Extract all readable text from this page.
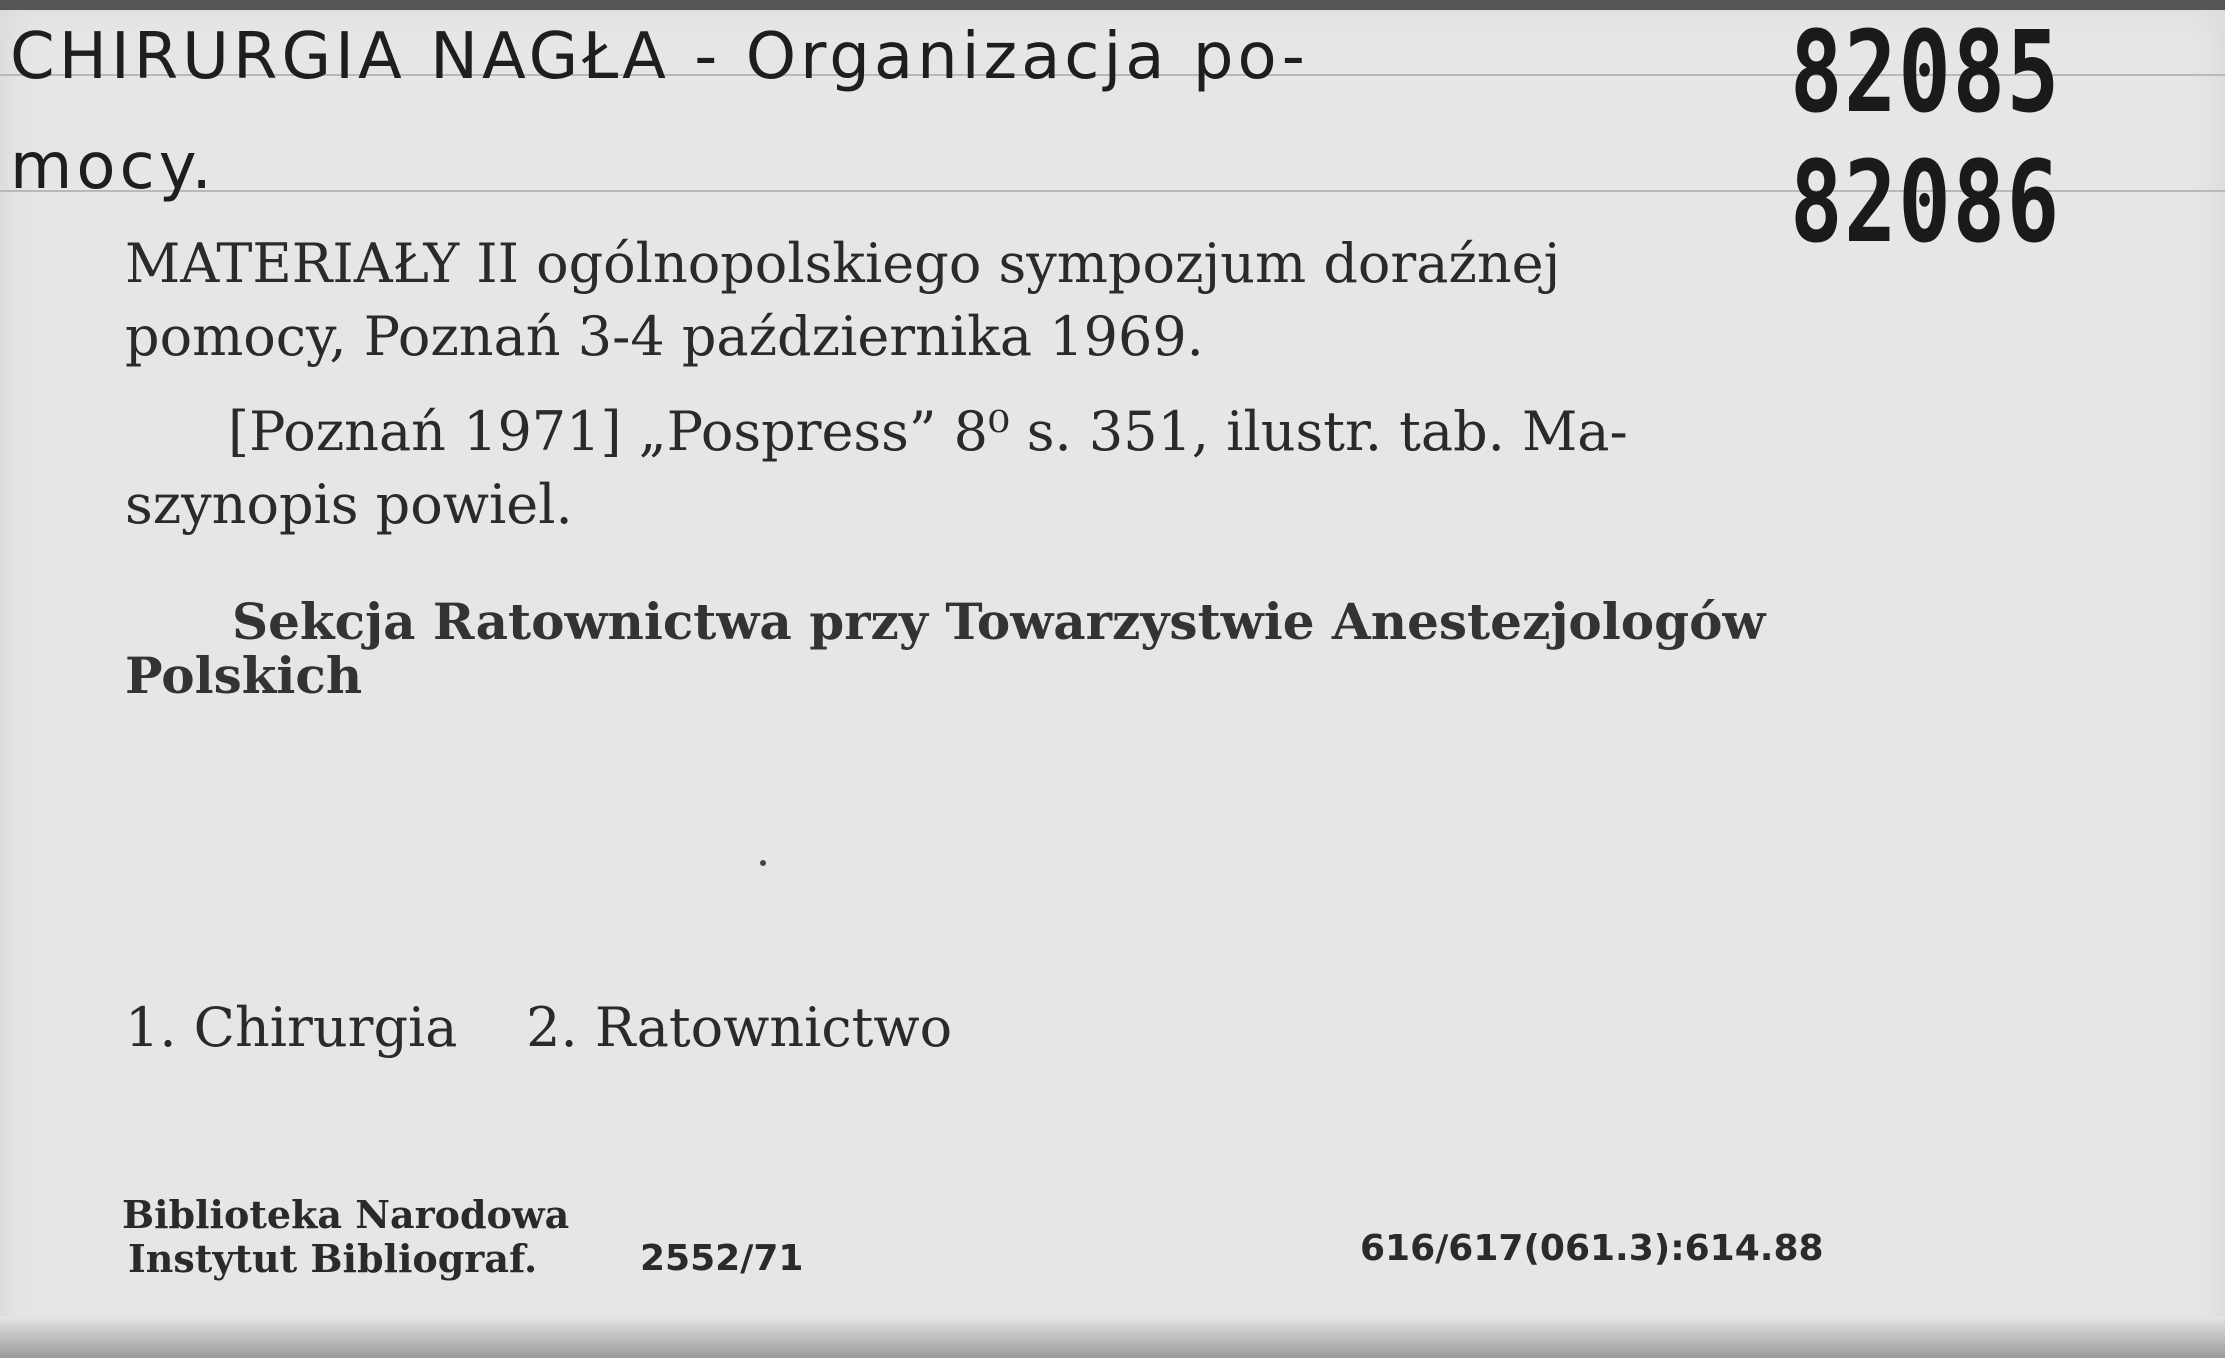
CHIRURGIA NAGŁA - Organizacja po-
mocy.
82085
82086
MATERIAŁY II ogólnopolskiego sympozjum doraźnej
pomocy, Poznań 3-4 października 1969.
[Poznań 1971] „Pospress” 8⁰ s. 351, ilustr. tab. Ma-
szynopis powiel.
Sekcja Ratownictwa przy Towarzystwie Anestezjologów
Polskich
1. Chirurgia    2. Ratownictwo
Biblioteka Narodowa
Instytut Bibliograf.	2552/71	616/617(061.3):614.88
